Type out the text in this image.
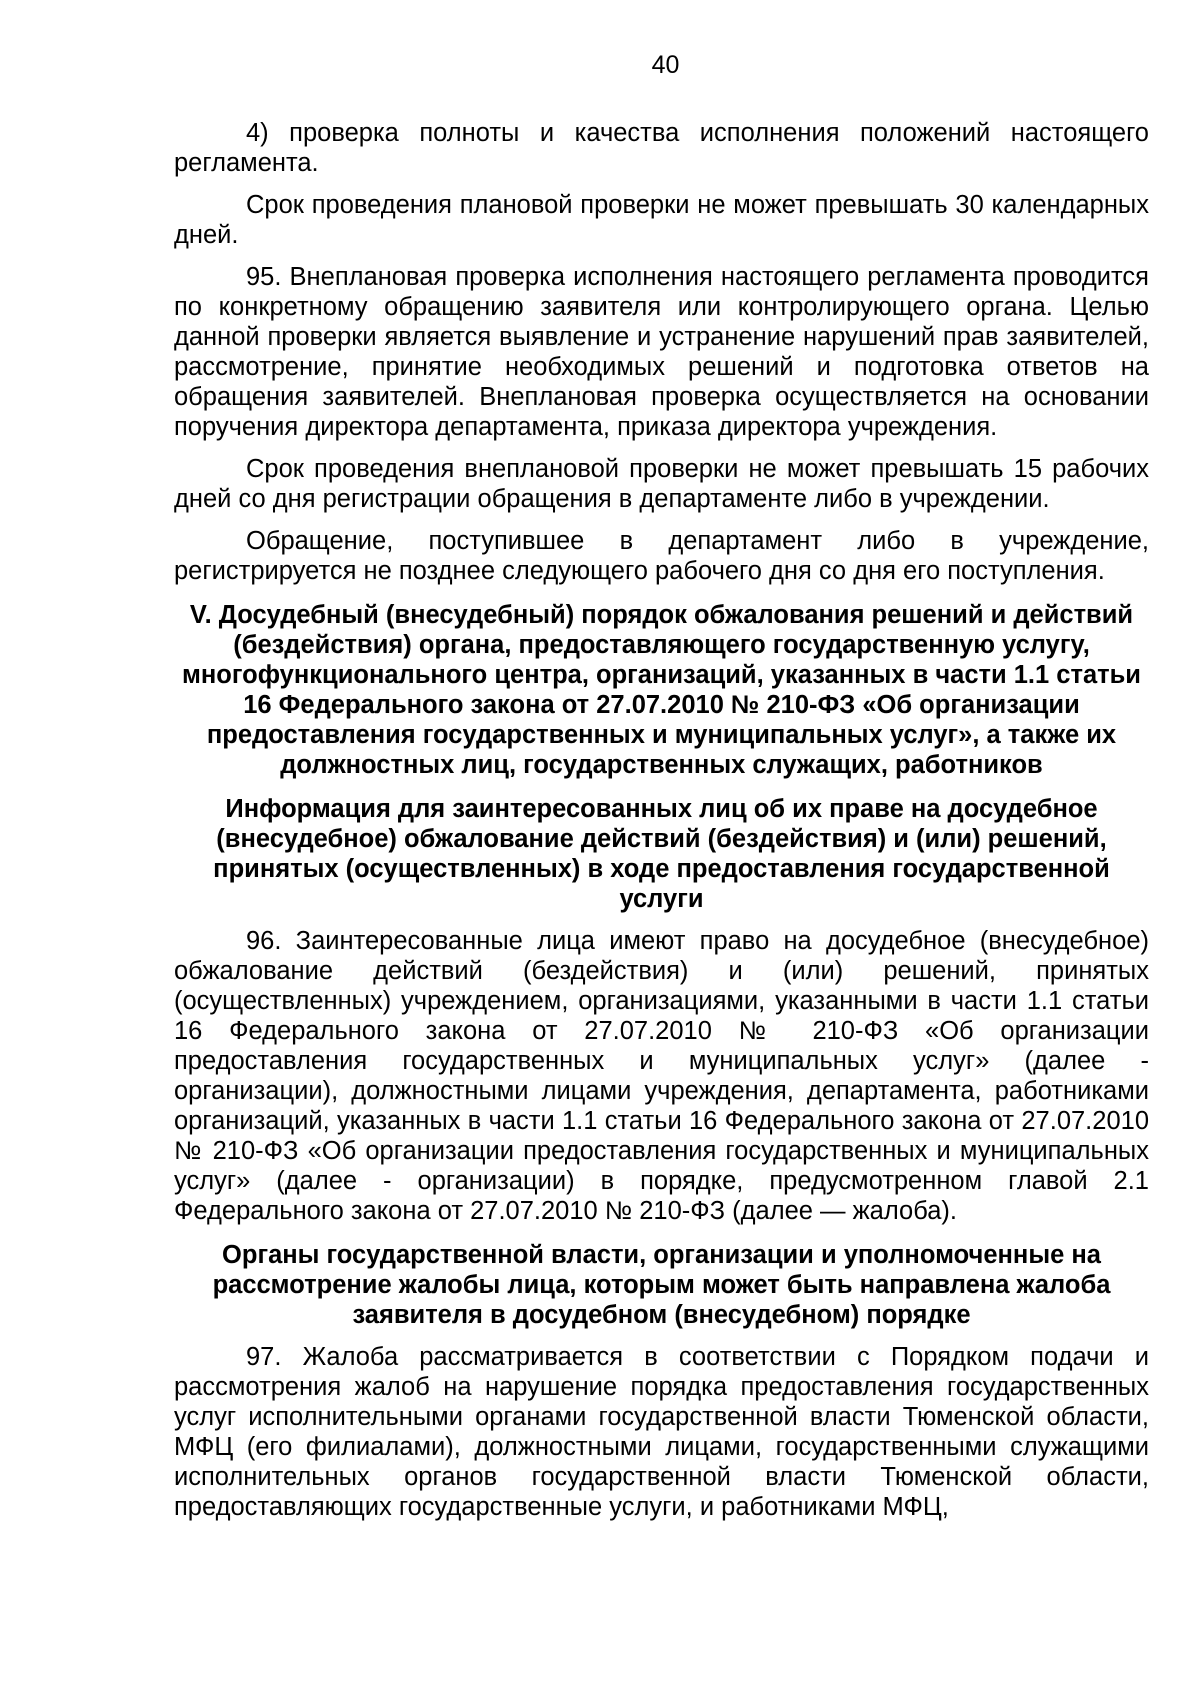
40

4) проверка полноты и качества исполнения положений настоящего регламента.

Срок проведения плановой проверки не может превышать 30 календарных дней.

95. Внеплановая проверка исполнения настоящего регламента проводится по конкретному обращению заявителя или контролирующего органа. Целью данной проверки является выявление и устранение нарушений прав заявителей, рассмотрение, принятие необходимых решений и подготовка ответов на обращения заявителей. Внеплановая проверка осуществляется на основании поручения директора департамента, приказа директора учреждения.

Срок проведения внеплановой проверки не может превышать 15 рабочих дней со дня регистрации обращения в департаменте либо в учреждении.

Обращение, поступившее в департамент либо в учреждение, регистрируется не позднее следующего рабочего дня со дня его поступления.

V. Досудебный (внесудебный) порядок обжалования решений и действий (бездействия) органа, предоставляющего государственную услугу, многофункционального центра, организаций, указанных в части 1.1 статьи 16 Федерального закона от 27.07.2010 № 210-ФЗ «Об организации предоставления государственных и муниципальных услуг», а также их должностных лиц, государственных служащих, работников
Информация для заинтересованных лиц об их праве на досудебное (внесудебное) обжалование действий (бездействия) и (или) решений, принятых (осуществленных) в ходе предоставления государственной услуги

96. Заинтересованные лица имеют право на досудебное (внесудебное) обжалование действий (бездействия) и (или) решений, принятых (осуществленных) учреждением, организациями, указанными в части 1.1 статьи 16 Федерального закона от 27.07.2010 № 210-ФЗ «Об организации предоставления государственных и муниципальных услуг» (далее - организации), должностными лицами учреждения, департамента, работниками организаций, указанных в части 1.1 статьи 16 Федерального закона от 27.07.2010 № 210-ФЗ «Об организации предоставления государственных и муниципальных услуг» (далее - организации) в порядке, предусмотренном главой 2.1 Федерального закона от 27.07.2010 № 210-ФЗ (далее — жалоба).

Органы государственной власти, организации и уполномоченные на рассмотрение жалобы лица, которым может быть направлена жалоба заявителя в досудебном (внесудебном) порядке

97. Жалоба рассматривается в соответствии с Порядком подачи и рассмотрения жалоб на нарушение порядка предоставления государственных услуг исполнительными органами государственной власти Тюменской области, МФЦ (его филиалами), должностными лицами, государственными служащими исполнительных органов государственной власти Тюменской области, предоставляющих государственные услуги, и работниками МФЦ,
